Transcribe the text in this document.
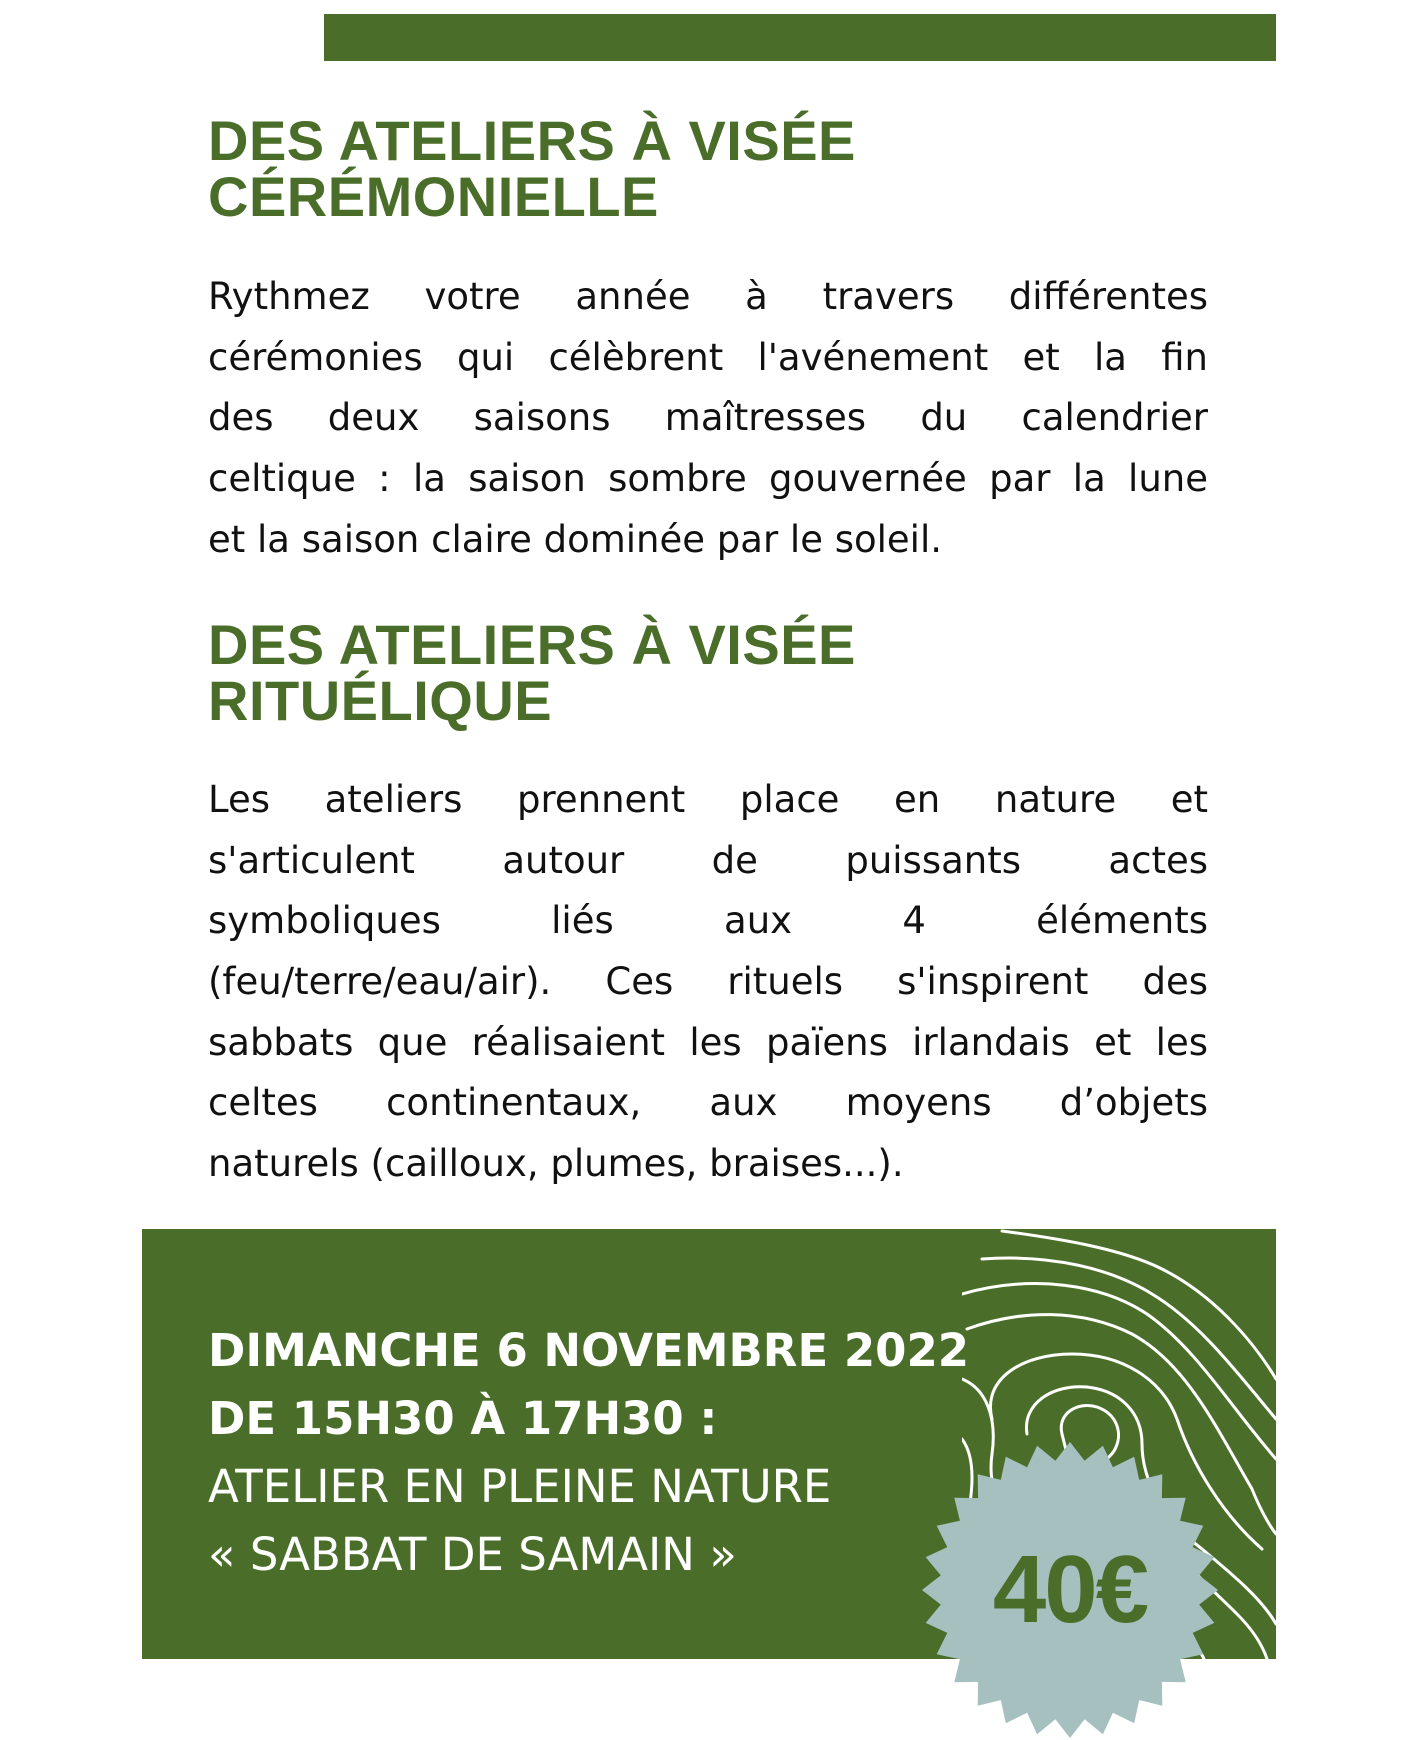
DES ATELIERS À VISÉE
CÉRÉMONIELLE

Rythmez votre année à travers différentes
cérémonies qui célèbrent l'avénement et la fin
des deux saisons maîtresses du calendrier
celtique : la saison sombre gouvernée par la lune
et la saison claire dominée par le soleil.

DES ATELIERS À VISÉE
RITUÉLIQUE

Les ateliers prennent place en nature et
s'articulent autour de puissants actes
symboliques liés aux 4 éléments
(feu/terre/eau/air). Ces rituels s'inspirent des
sabbats que réalisaient les païens irlandais et les
celtes continentaux, aux moyens d’objets
naturels (cailloux, plumes, braises...).

DIMANCHE 6 NOVEMBRE 2022
DE 15H30 À 17H30 :
ATELIER EN PLEINE NATURE
« SABBAT DE SAMAIN »	40€
